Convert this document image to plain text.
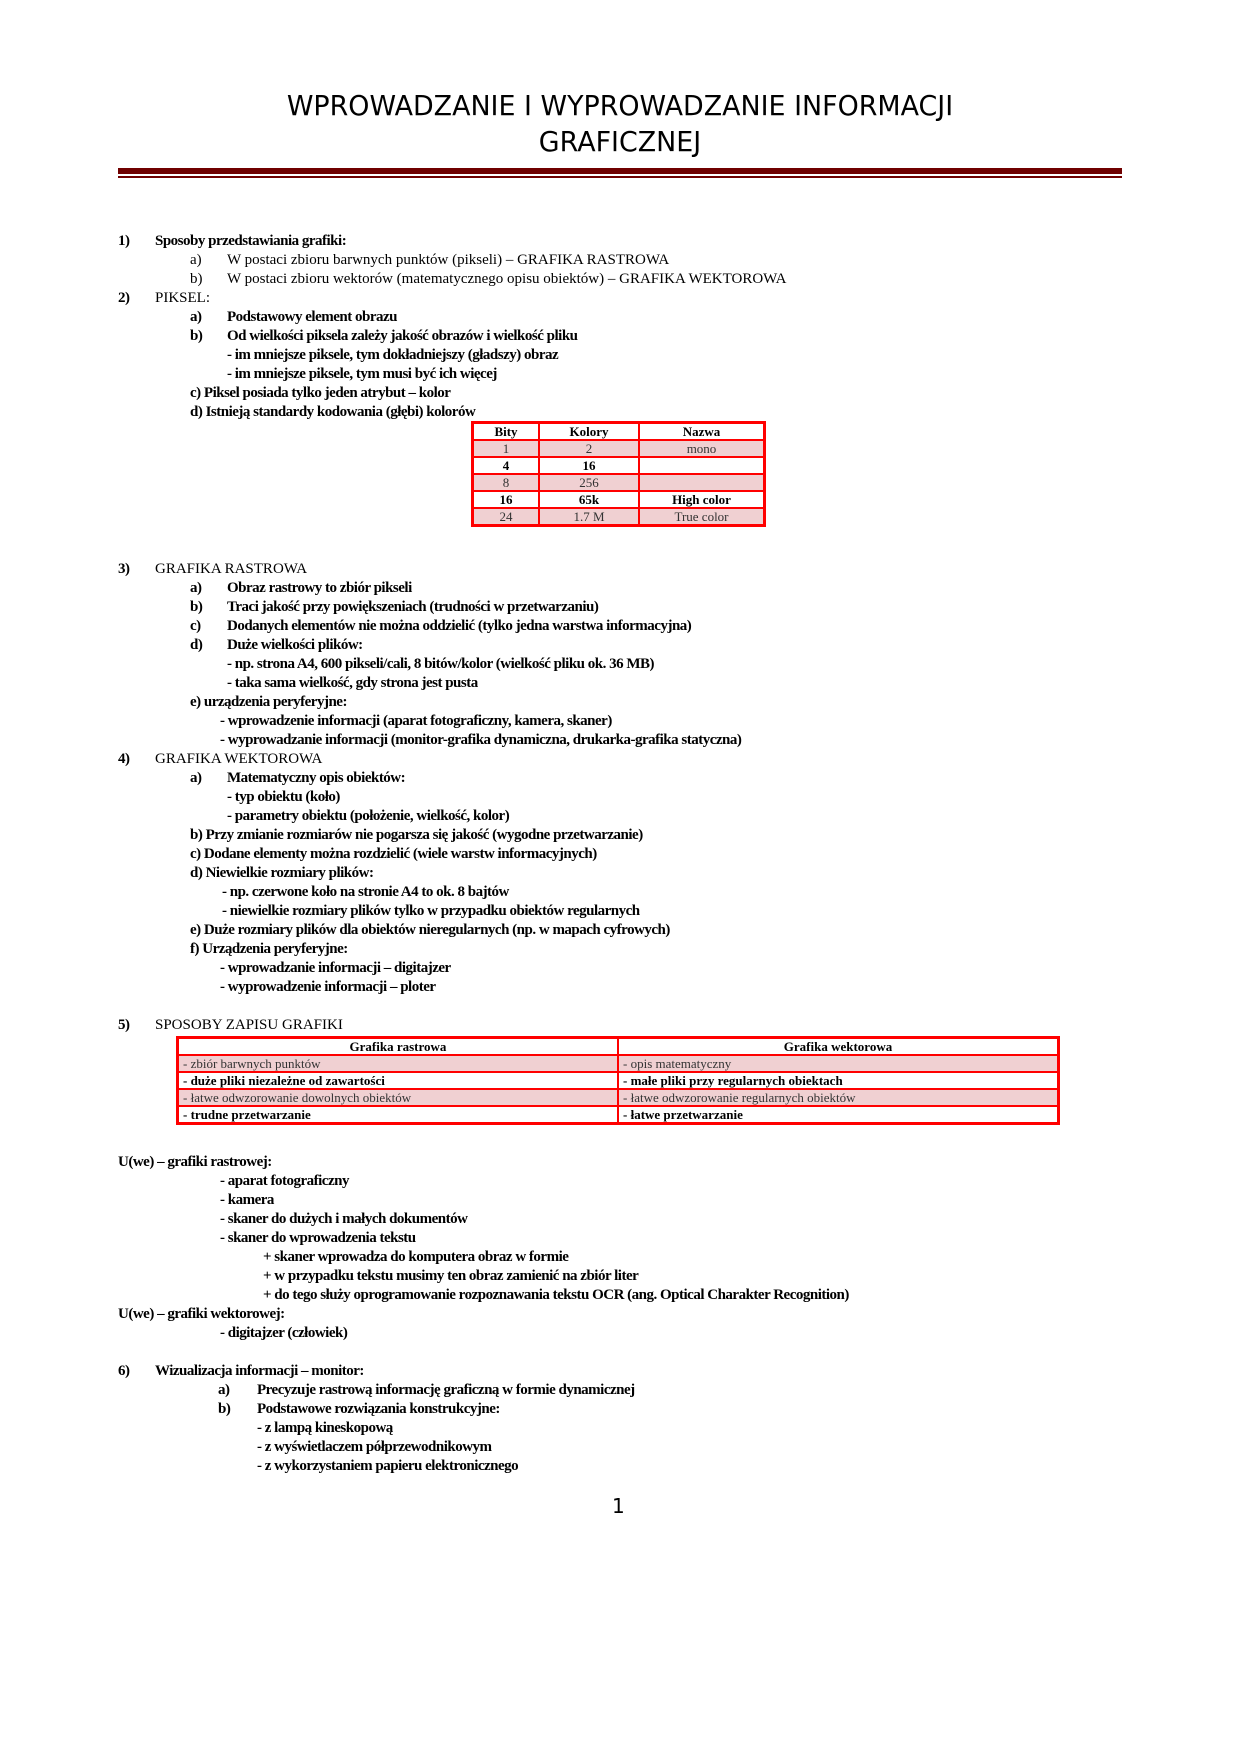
WPROWADZANIE I WYPROWADZANIE INFORMACJI
GRAFICZNEJ
1) Sposoby przedstawiania grafiki:
a) W postaci zbioru barwnych punktów (pikseli) – GRAFIKA RASTROWA
b) W postaci zbioru wektorów (matematycznego opisu obiektów) – GRAFIKA WEKTOROWA
2) PIKSEL:
a) Podstawowy element obrazu
b) Od wielkości piksela zależy jakość obrazów i wielkość pliku
- im mniejsze piksele, tym dokładniejszy (gładszy) obraz
- im mniejsze piksele, tym musi być ich więcej
c) Piksel posiada tylko jeden atrybut – kolor
d) Istnieją standardy kodowania (głębi) kolorów
Bity	Kolory	Nazwa
1	2	mono
4	16	
8	256	
16	65k	High color
24	1.7 M	True color
3) GRAFIKA RASTROWA
a) Obraz rastrowy to zbiór pikseli
b) Traci jakość przy powiększeniach (trudności w przetwarzaniu)
c) Dodanych elementów nie można oddzielić (tylko jedna warstwa informacyjna)
d) Duże wielkości plików:
- np. strona A4, 600 pikseli/cali, 8 bitów/kolor (wielkość pliku ok. 36 MB)
- taka sama wielkość, gdy strona jest pusta
e) urządzenia peryferyjne:
- wprowadzenie informacji (aparat fotograficzny, kamera, skaner)
- wyprowadzanie informacji (monitor-grafika dynamiczna, drukarka-grafika statyczna)
4) GRAFIKA WEKTOROWA
a) Matematyczny opis obiektów:
- typ obiektu (koło)
- parametry obiektu (położenie, wielkość, kolor)
b) Przy zmianie rozmiarów nie pogarsza się jakość (wygodne przetwarzanie)
c) Dodane elementy można rozdzielić (wiele warstw informacyjnych)
d) Niewielkie rozmiary plików:
- np. czerwone koło na stronie A4 to ok. 8 bajtów
- niewielkie rozmiary plików tylko w przypadku obiektów regularnych
e) Duże rozmiary plików dla obiektów nieregularnych (np. w mapach cyfrowych)
f) Urządzenia peryferyjne:
- wprowadzanie informacji – digitajzer
- wyprowadzenie informacji – ploter
5) SPOSOBY ZAPISU GRAFIKI
Grafika rastrowa	Grafika wektorowa
- zbiór barwnych punktów	- opis matematyczny
- duże pliki niezależne od zawartości	- małe pliki przy regularnych obiektach
- łatwe odwzorowanie dowolnych obiektów	- łatwe odwzorowanie regularnych obiektów
- trudne przetwarzanie	- łatwe przetwarzanie
U(we) – grafiki rastrowej:
- aparat fotograficzny
- kamera
- skaner do dużych i małych dokumentów
- skaner do wprowadzenia tekstu
+ skaner wprowadza do komputera obraz w formie
+ w przypadku tekstu musimy ten obraz zamienić na zbiór liter
+ do tego służy oprogramowanie rozpoznawania tekstu OCR (ang. Optical Charakter Recognition)
U(we) – grafiki wektorowej:
- digitajzer (człowiek)
6) Wizualizacja informacji – monitor:
a) Precyzuje rastrową informację graficzną w formie dynamicznej
b) Podstawowe rozwiązania konstrukcyjne:
- z lampą kineskopową
- z wyświetlaczem półprzewodnikowym
- z wykorzystaniem papieru elektronicznego
1
